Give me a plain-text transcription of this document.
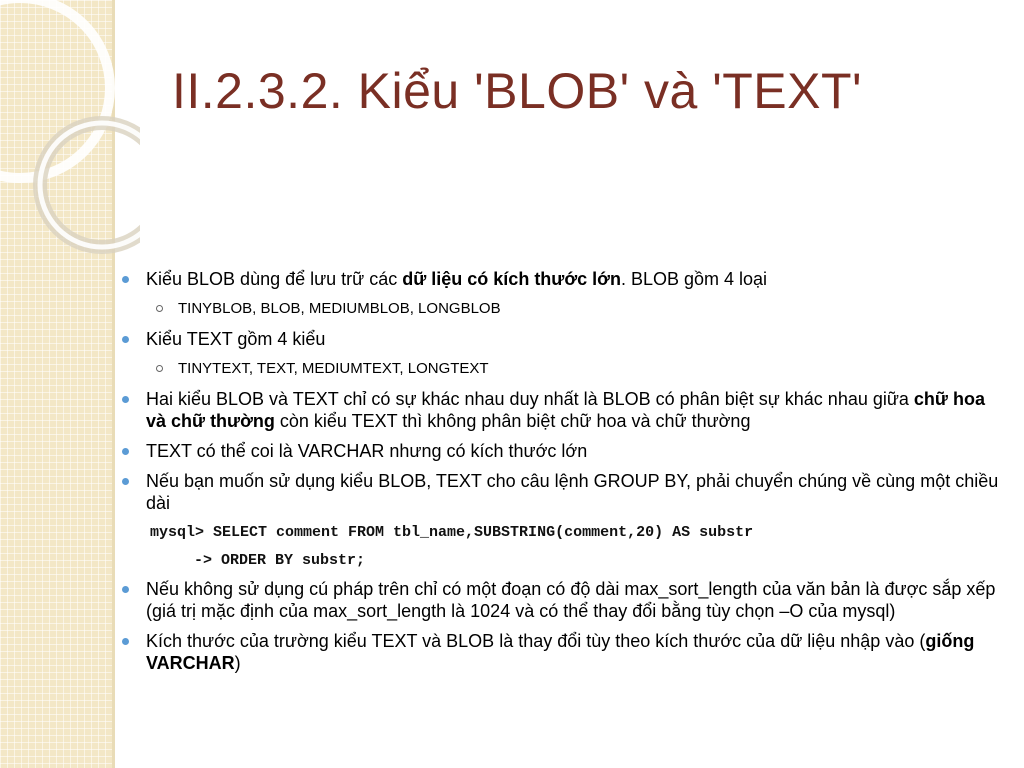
II.2.3.2. Kiểu 'BLOB' và 'TEXT'
Kiểu BLOB dùng để lưu trữ các dữ liệu có kích thước lớn. BLOB gồm 4 loại
TINYBLOB, BLOB, MEDIUMBLOB, LONGBLOB
Kiểu TEXT gồm 4 kiểu
TINYTEXT, TEXT, MEDIUMTEXT, LONGTEXT
Hai kiểu BLOB và TEXT chỉ có sự khác nhau duy nhất là BLOB có phân biệt sự khác nhau giữa chữ hoa và chữ thường còn kiểu TEXT thì không phân biệt chữ hoa và chữ thường
TEXT có thể coi là VARCHAR nhưng có kích thước lớn
Nếu bạn muốn sử dụng kiểu BLOB, TEXT cho câu lệnh GROUP BY, phải chuyển chúng về cùng một chiều dài
mysql> SELECT comment FROM tbl_name,SUBSTRING(comment,20) AS substr
-> ORDER BY substr;
Nếu không sử dụng cú pháp trên chỉ có một đoạn có độ dài max_sort_length của văn bản là được sắp xếp (giá trị mặc định của max_sort_length là 1024 và có thể thay đổi bằng tùy chọn –O của mysql)
Kích thước của trường kiểu TEXT và BLOB là thay đổi tùy theo kích thước của dữ liệu nhập vào (giống VARCHAR)
